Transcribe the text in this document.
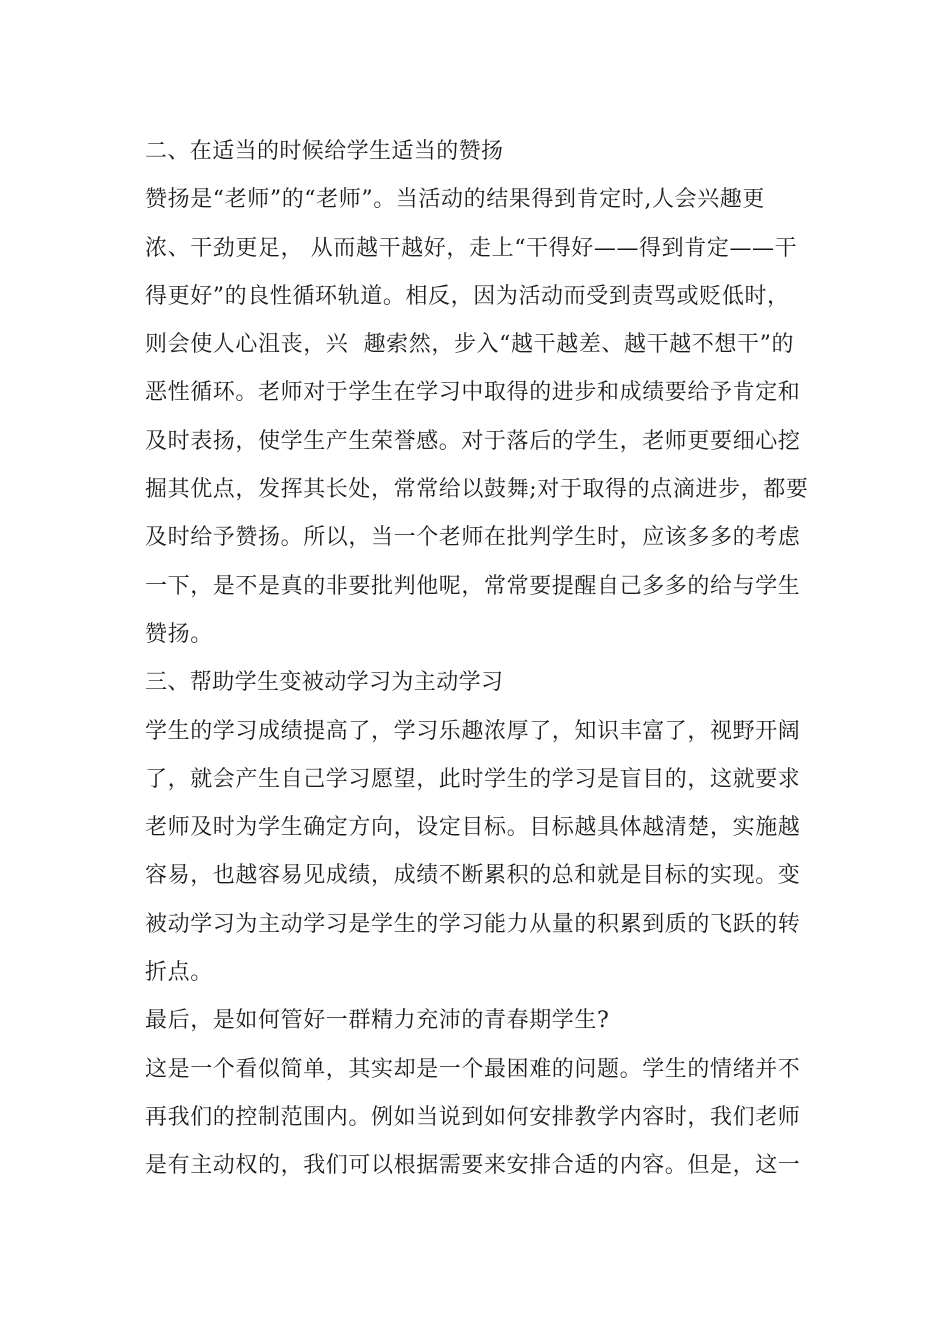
二、在适当的时候给学生适当的赞扬
赞扬是“老师”的“老师”。当活动的结果得到肯定时,人会兴趣更
浓、干劲更足， 从而越干越好，走上“干得好——得到肯定——干
得更好”的良性循环轨道。相反，因为活动而受到责骂或贬低时，
则会使人心沮丧，兴  趣索然，步入“越干越差、越干越不想干”的
恶性循环。老师对于学生在学习中取得的进步和成绩要给予肯定和
及时表扬，使学生产生荣誉感。对于落后的学生，老师更要细心挖
掘其优点，发挥其长处，常常给以鼓舞;对于取得的点滴进步，都要
及时给予赞扬。所以，当一个老师在批判学生时，应该多多的考虑
一下，是不是真的非要批判他呢，常常要提醒自己多多的给与学生
赞扬。
三、帮助学生变被动学习为主动学习
学生的学习成绩提高了，学习乐趣浓厚了，知识丰富了，视野开阔
了，就会产生自己学习愿望，此时学生的学习是盲目的，这就要求
老师及时为学生确定方向，设定目标。目标越具体越清楚，实施越
容易，也越容易见成绩，成绩不断累积的总和就是目标的实现。变
被动学习为主动学习是学生的学习能力从量的积累到质的飞跃的转
折点。
最后，是如何管好一群精力充沛的青春期学生?
这是一个看似简单，其实却是一个最困难的问题。学生的情绪并不
再我们的控制范围内。例如当说到如何安排教学内容时，我们老师
是有主动权的，我们可以根据需要来安排合适的内容。但是，这一
